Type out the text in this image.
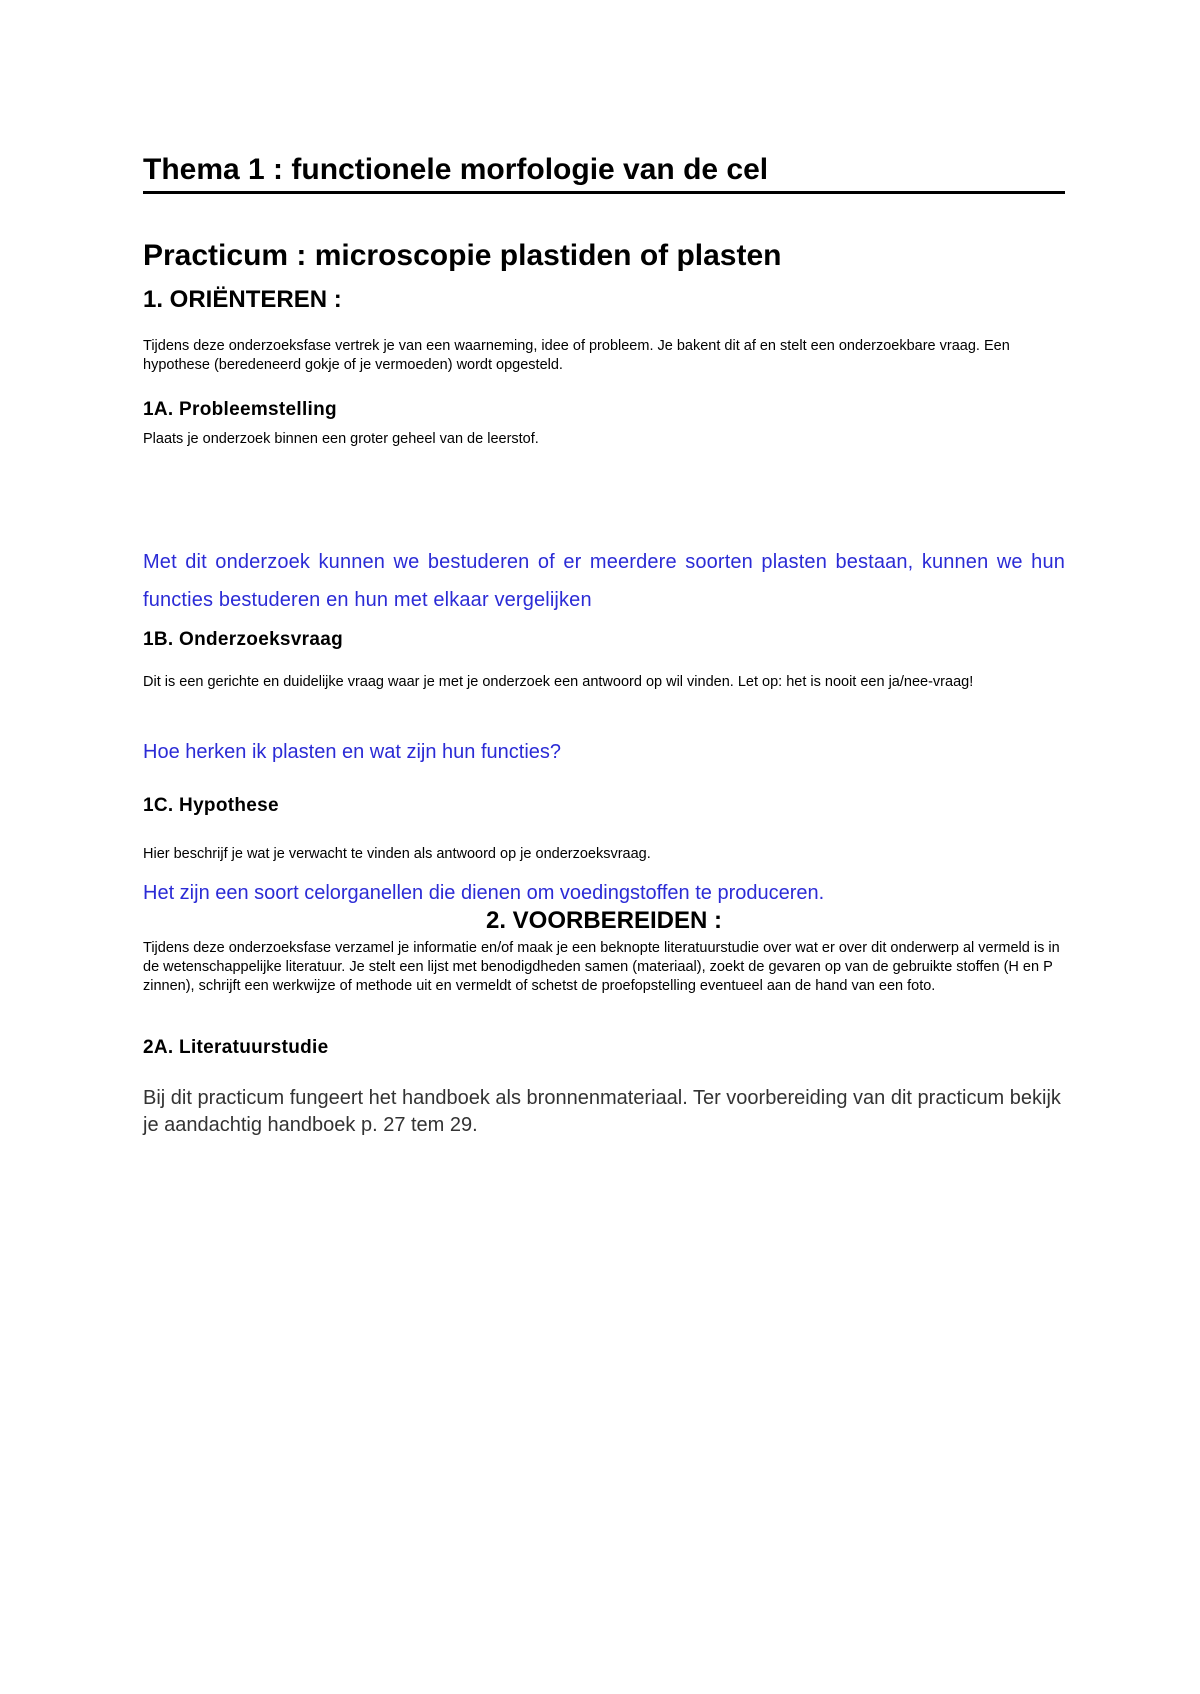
Thema 1 : functionele morfologie van de cel
Practicum : microscopie plastiden of plasten
1. ORIËNTEREN :

Tijdens deze onderzoeksfase vertrek je van een waarneming, idee of probleem. Je bakent dit af en stelt een onderzoekbare vraag. Een hypothese (beredeneerd gokje of je vermoeden) wordt opgesteld.

1A. Probleemstelling

Plaats je onderzoek binnen een groter geheel van de leerstof.

Met dit onderzoek kunnen we bestuderen of er meerdere soorten plasten bestaan, kunnen we hun functies bestuderen en hun met elkaar vergelijken

1B. Onderzoeksvraag

Dit is een gerichte en duidelijke vraag waar je met je onderzoek een antwoord op wil vinden. Let op: het is nooit een ja/nee-vraag!

Hoe herken ik plasten en wat zijn hun functies?

1C. Hypothese

Hier beschrijf je wat je verwacht te vinden als antwoord op je onderzoeksvraag.

Het zijn een soort celorganellen die dienen om voedingstoffen te produceren.

2. VOORBEREIDEN :

Tijdens deze onderzoeksfase verzamel je informatie en/of maak je een beknopte literatuurstudie over wat er over dit onderwerp al vermeld is in de wetenschappelijke literatuur. Je stelt een lijst met benodigdheden samen (materiaal), zoekt de gevaren op van de gebruikte stoffen (H en P zinnen), schrijft een werkwijze of methode uit en vermeldt of schetst de proefopstelling eventueel aan de hand van een foto.

2A. Literatuurstudie

Bij dit practicum fungeert het handboek als bronnenmateriaal. Ter voorbereiding van dit practicum bekijk je aandachtig handboek p. 27 tem 29.
